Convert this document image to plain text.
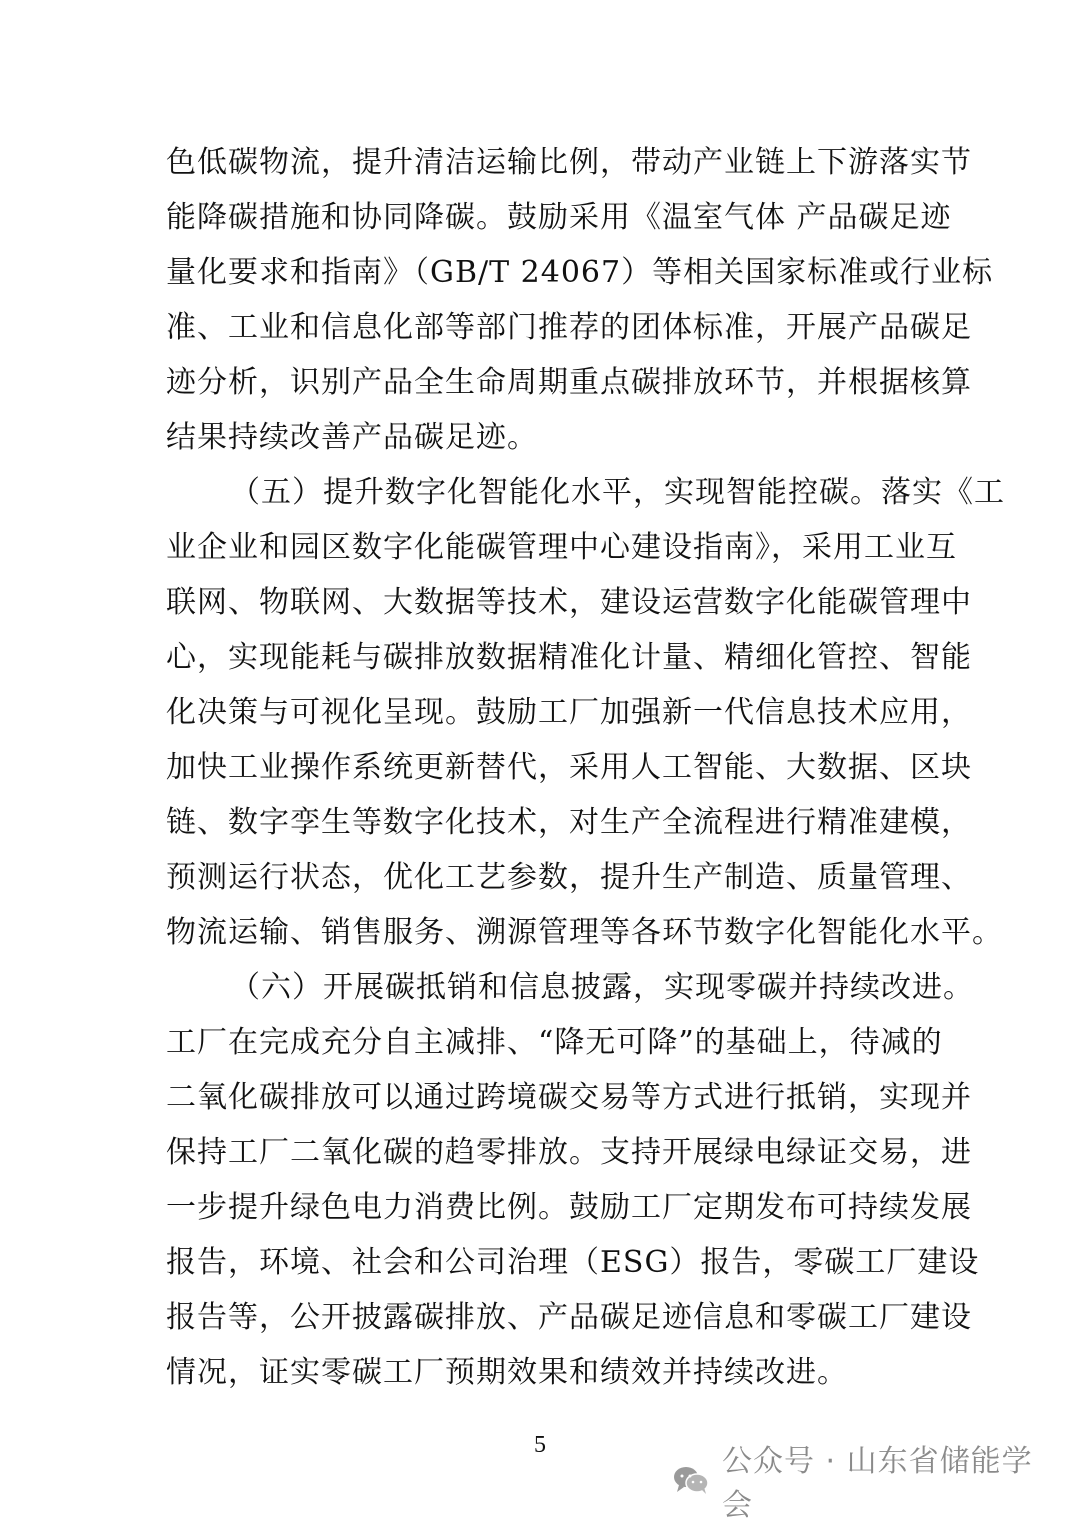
色低碳物流，提升清洁运输比例，带动产业链上下游落实节
能降碳措施和协同降碳。鼓励采用《温室气体 产品碳足迹
量化要求和指南》（GB/T 24067）等相关国家标准或行业标
准、工业和信息化部等部门推荐的团体标准，开展产品碳足
迹分析，识别产品全生命周期重点碳排放环节，并根据核算
结果持续改善产品碳足迹。
（五）提升数字化智能化水平，实现智能控碳。落实《工
业企业和园区数字化能碳管理中心建设指南》，采用工业互
联网、物联网、大数据等技术，建设运营数字化能碳管理中
心，实现能耗与碳排放数据精准化计量、精细化管控、智能
化决策与可视化呈现。鼓励工厂加强新一代信息技术应用，
加快工业操作系统更新替代，采用人工智能、大数据、区块
链、数字孪生等数字化技术，对生产全流程进行精准建模，
预测运行状态，优化工艺参数，提升生产制造、质量管理、
物流运输、销售服务、溯源管理等各环节数字化智能化水平。
（六）开展碳抵销和信息披露，实现零碳并持续改进。
工厂在完成充分自主减排、“降无可降”的基础上，待减的
二氧化碳排放可以通过跨境碳交易等方式进行抵销，实现并
保持工厂二氧化碳的趋零排放。支持开展绿电绿证交易，进
一步提升绿色电力消费比例。鼓励工厂定期发布可持续发展
报告，环境、社会和公司治理（ESG）报告，零碳工厂建设
报告等，公开披露碳排放、产品碳足迹信息和零碳工厂建设
情况，证实零碳工厂预期效果和绩效并持续改进。
5	公众号 · 山东省储能学会
